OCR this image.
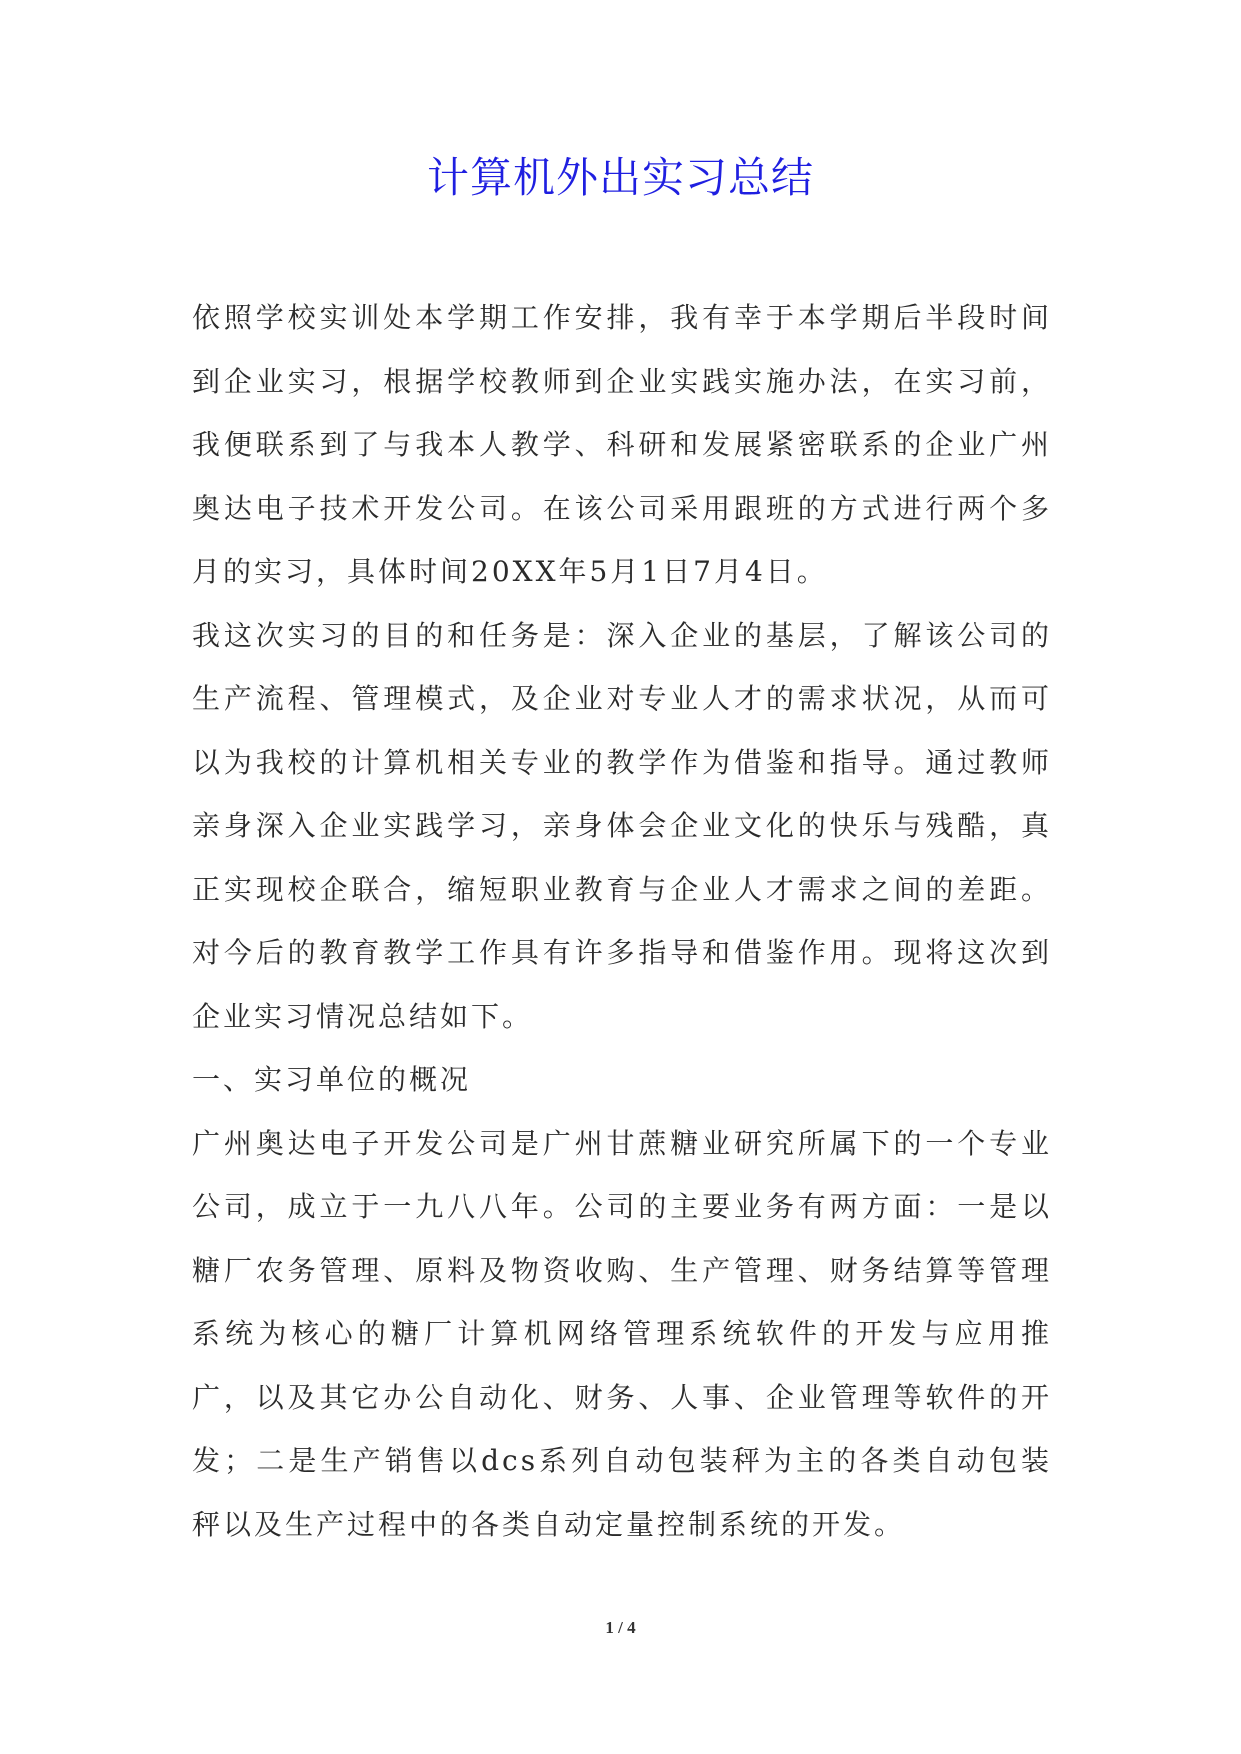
计算机外出实习总结

依照学校实训处本学期工作安排，我有幸于本学期后半段时间到企业实习，根据学校教师到企业实践实施办法，在实习前，我便联系到了与我本人教学、科研和发展紧密联系的企业广州奥达电子技术开发公司。在该公司采用跟班的方式进行两个多月的实习，具体时间20XX年5月1日7月4日。

我这次实习的目的和任务是：深入企业的基层，了解该公司的生产流程、管理模式，及企业对专业人才的需求状况，从而可以为我校的计算机相关专业的教学作为借鉴和指导。通过教师亲身深入企业实践学习，亲身体会企业文化的快乐与残酷，真正实现校企联合，缩短职业教育与企业人才需求之间的差距。对今后的教育教学工作具有许多指导和借鉴作用。现将这次到企业实习情况总结如下。

一、实习单位的概况

广州奥达电子开发公司是广州甘蔗糖业研究所属下的一个专业公司，成立于一九八八年。公司的主要业务有两方面：一是以糖厂农务管理、原料及物资收购、生产管理、财务结算等管理系统为核心的糖厂计算机网络管理系统软件的开发与应用推广，以及其它办公自动化、财务、人事、企业管理等软件的开发；二是生产销售以dcs系列自动包装秤为主的各类自动包装秤以及生产过程中的各类自动定量控制系统的开发。

1 / 4
